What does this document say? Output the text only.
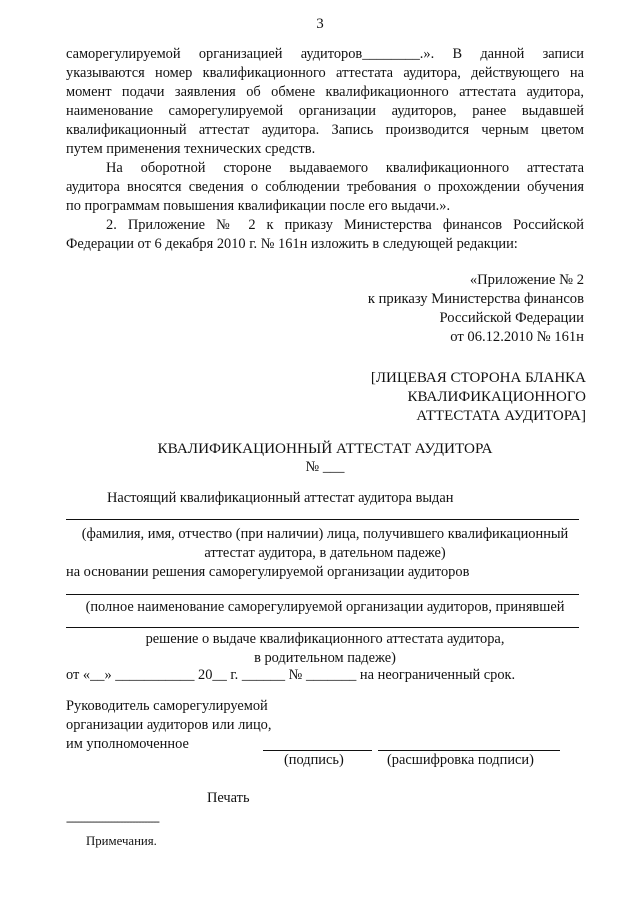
3

саморегулируемой организацией аудиторов________.». В данной записи

указываются номер квалификационного аттестата аудитора, действующего на

момент подачи заявления об обмене квалификационного аттестата аудитора,

наименование саморегулируемой организации аудиторов, ранее выдавшей

квалификационный аттестат аудитора. Запись производится черным цветом

путем применения технических средств.

На оборотной стороне выдаваемого квалификационного аттестата

аудитора вносятся сведения о соблюдении требования о прохождении обучения

по программам повышения квалификации после его выдачи.».

2. Приложение № 2 к приказу Министерства финансов Российской

Федерации от 6 декабря 2010 г. № 161н изложить в следующей редакции:

«Приложение № 2
к приказу Министерства финансов
Российской Федерации
от 06.12.2010 № 161н
[ЛИЦЕВАЯ СТОРОНА БЛАНКА
КВАЛИФИКАЦИОННОГО
АТТЕСТАТА АУДИТОРА]
КВАЛИФИКАЦИОННЫЙ АТТЕСТАТ АУДИТОРА
№ ___
Настоящий квалификационный аттестат аудитора выдан
(фамилия, имя, отчество (при наличии) лица, получившего квалификационный
аттестат аудитора, в дательном падеже)
на основании решения саморегулируемой организации аудиторов
(полное наименование саморегулируемой организации аудиторов, принявшей
решение о выдаче квалификационного аттестата аудитора,
в родительном падеже)
от «__» ___________ 20__ г. ______ № _______ на неограниченный срок.
Руководитель саморегулируемой
организации аудиторов или лицо,
им уполномоченное
(подпись)	(расшифровка подписи)
Печать
-------------------------------
Примечания.
